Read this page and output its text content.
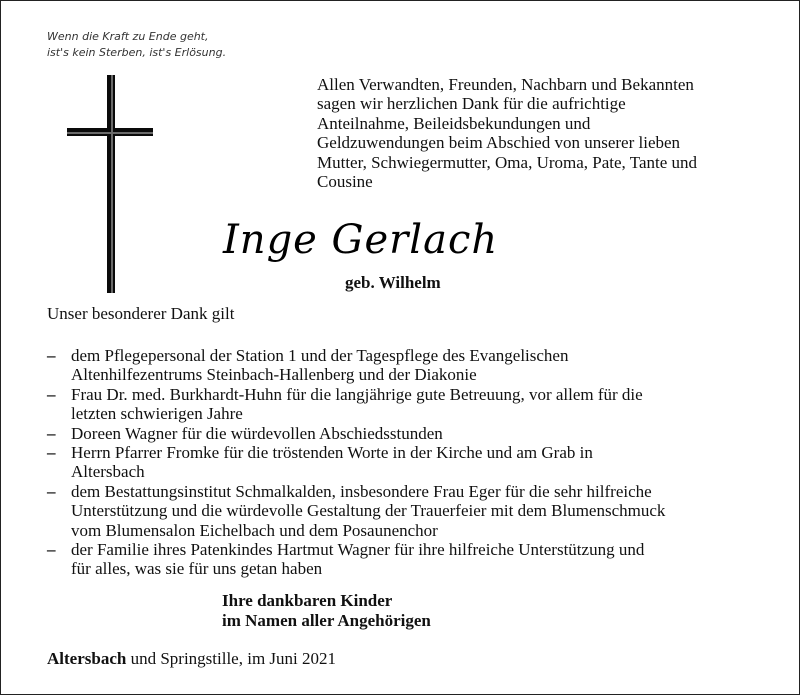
Wenn die Kraft zu Ende geht,
ist's kein Sterben, ist's Erlösung.
Allen Verwandten, Freunden, Nachbarn und Bekannten
sagen wir herzlichen Dank für die aufrichtige
Anteilnahme, Beileidsbekundungen und
Geldzuwendungen beim Abschied von unserer lieben
Mutter, Schwiegermutter, Oma, Uroma, Pate, Tante und
Cousine
Inge Gerlach
geb. Wilhelm
Unser besonderer Dank gilt
– dem Pflegepersonal der Station 1 und der Tagespflege des Evangelischen
Altenhilfezentrums Steinbach-Hallenberg und der Diakonie
– Frau Dr. med. Burkhardt-Huhn für die langjährige gute Betreuung, vor allem für die
letzten schwierigen Jahre
– Doreen Wagner für die würdevollen Abschiedsstunden
– Herrn Pfarrer Fromke für die tröstenden Worte in der Kirche und am Grab in
Altersbach
– dem Bestattungsinstitut Schmalkalden, insbesondere Frau Eger für die sehr hilfreiche
Unterstützung und die würdevolle Gestaltung der Trauerfeier mit dem Blumenschmuck
vom Blumensalon Eichelbach und dem Posaunenchor
– der Familie ihres Patenkindes Hartmut Wagner für ihre hilfreiche Unterstützung und
für alles, was sie für uns getan haben
Ihre dankbaren Kinder
im Namen aller Angehörigen
Altersbach und Springstille, im Juni 2021
